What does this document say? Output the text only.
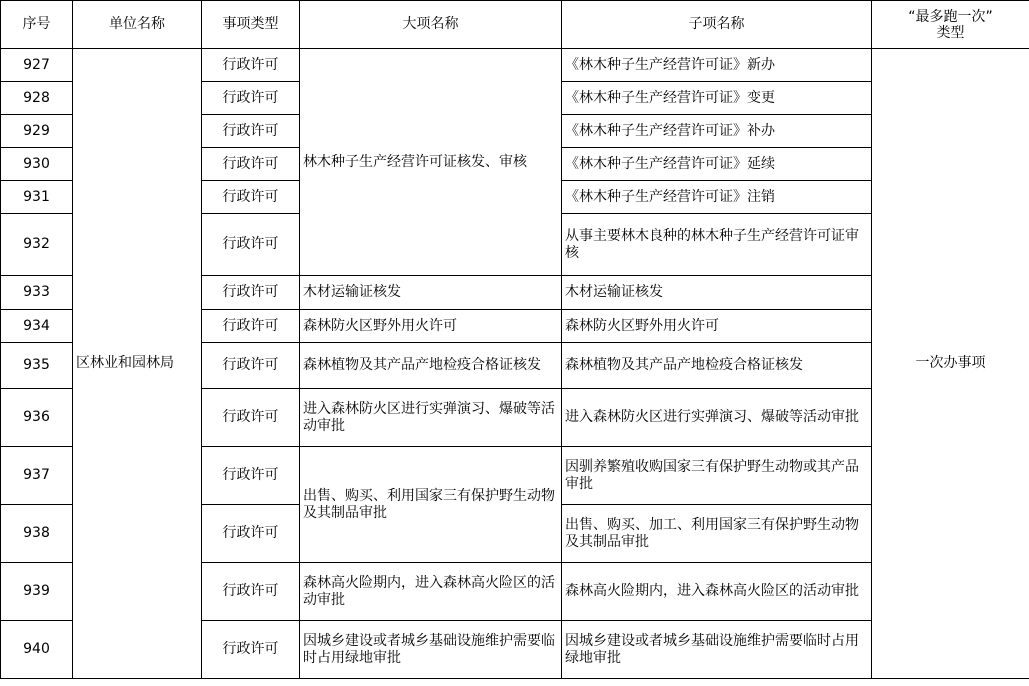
序号	单位名称	事项类型	大项名称	子项名称	“最多跑一次”
类型

927	区林业和园林局	行政许可	林木种子生产经营许可证核发、审核	《林木种子生产经营许可证》新办	一次办事项
928		行政许可		《林木种子生产经营许可证》变更	
929		行政许可		《林木种子生产经营许可证》补办	
930		行政许可		《林木种子生产经营许可证》延续	
931		行政许可		《林木种子生产经营许可证》注销	
932		行政许可		从事主要林木良种的林木种子生产经营许可证审核	
933		行政许可	木材运输证核发	木材运输证核发	
934		行政许可	森林防火区野外用火许可	森林防火区野外用火许可	
935		行政许可	森林植物及其产品产地检疫合格证核发	森林植物及其产品产地检疫合格证核发	
936		行政许可	进入森林防火区进行实弹演习、爆破等活动审批	进入森林防火区进行实弹演习、爆破等活动审批	
937		行政许可	出售、购买、利用国家三有保护野生动物及其制品审批	因驯养繁殖收购国家三有保护野生动物或其产品审批	
938		行政许可		出售、购买、加工、利用国家三有保护野生动物及其制品审批	
939		行政许可	森林高火险期内，进入森林高火险区的活动审批	森林高火险期内，进入森林高火险区的活动审批	
940		行政许可	因城乡建设或者城乡基础设施维护需要临时占用绿地审批	因城乡建设或者城乡基础设施维护需要临时占用绿地审批	
